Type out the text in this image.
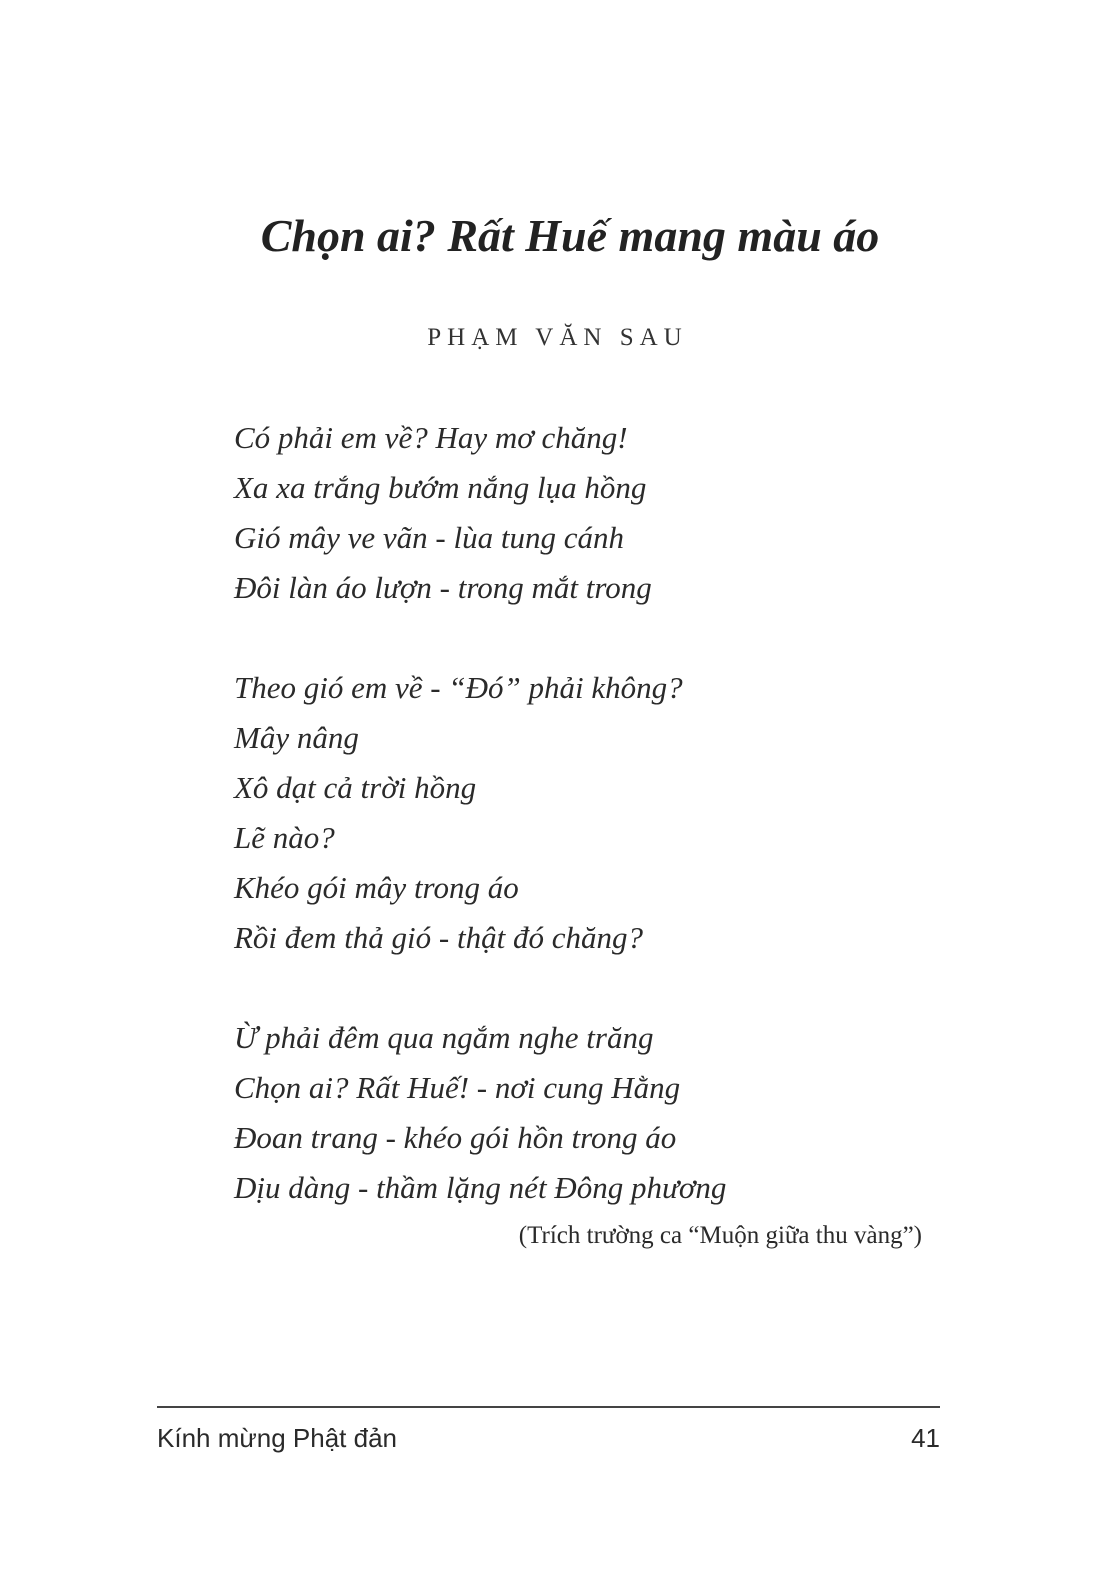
Chọn ai? Rất Huế mang màu áo
PHẠM VĂN SAU
Có phải em về? Hay mơ chăng!
Xa xa trắng bướm nắng lụa hồng
Gió mây ve vãn - lùa tung cánh
Đôi làn áo lượn - trong mắt trong
Theo gió em về - “Đó” phải không?
Mây nâng
Xô dạt cả trời hồng
Lẽ nào?
Khéo gói mây trong áo
Rồi đem thả gió - thật đó chăng?
Ừ phải đêm qua ngắm nghe trăng
Chọn ai? Rất Huế! - nơi cung Hằng
Đoan trang - khéo gói hồn trong áo
Dịu dàng - thầm lặng nét Đông phương
(Trích trường ca “Muộn giữa thu vàng”)
Kính mừng Phật đản	41
